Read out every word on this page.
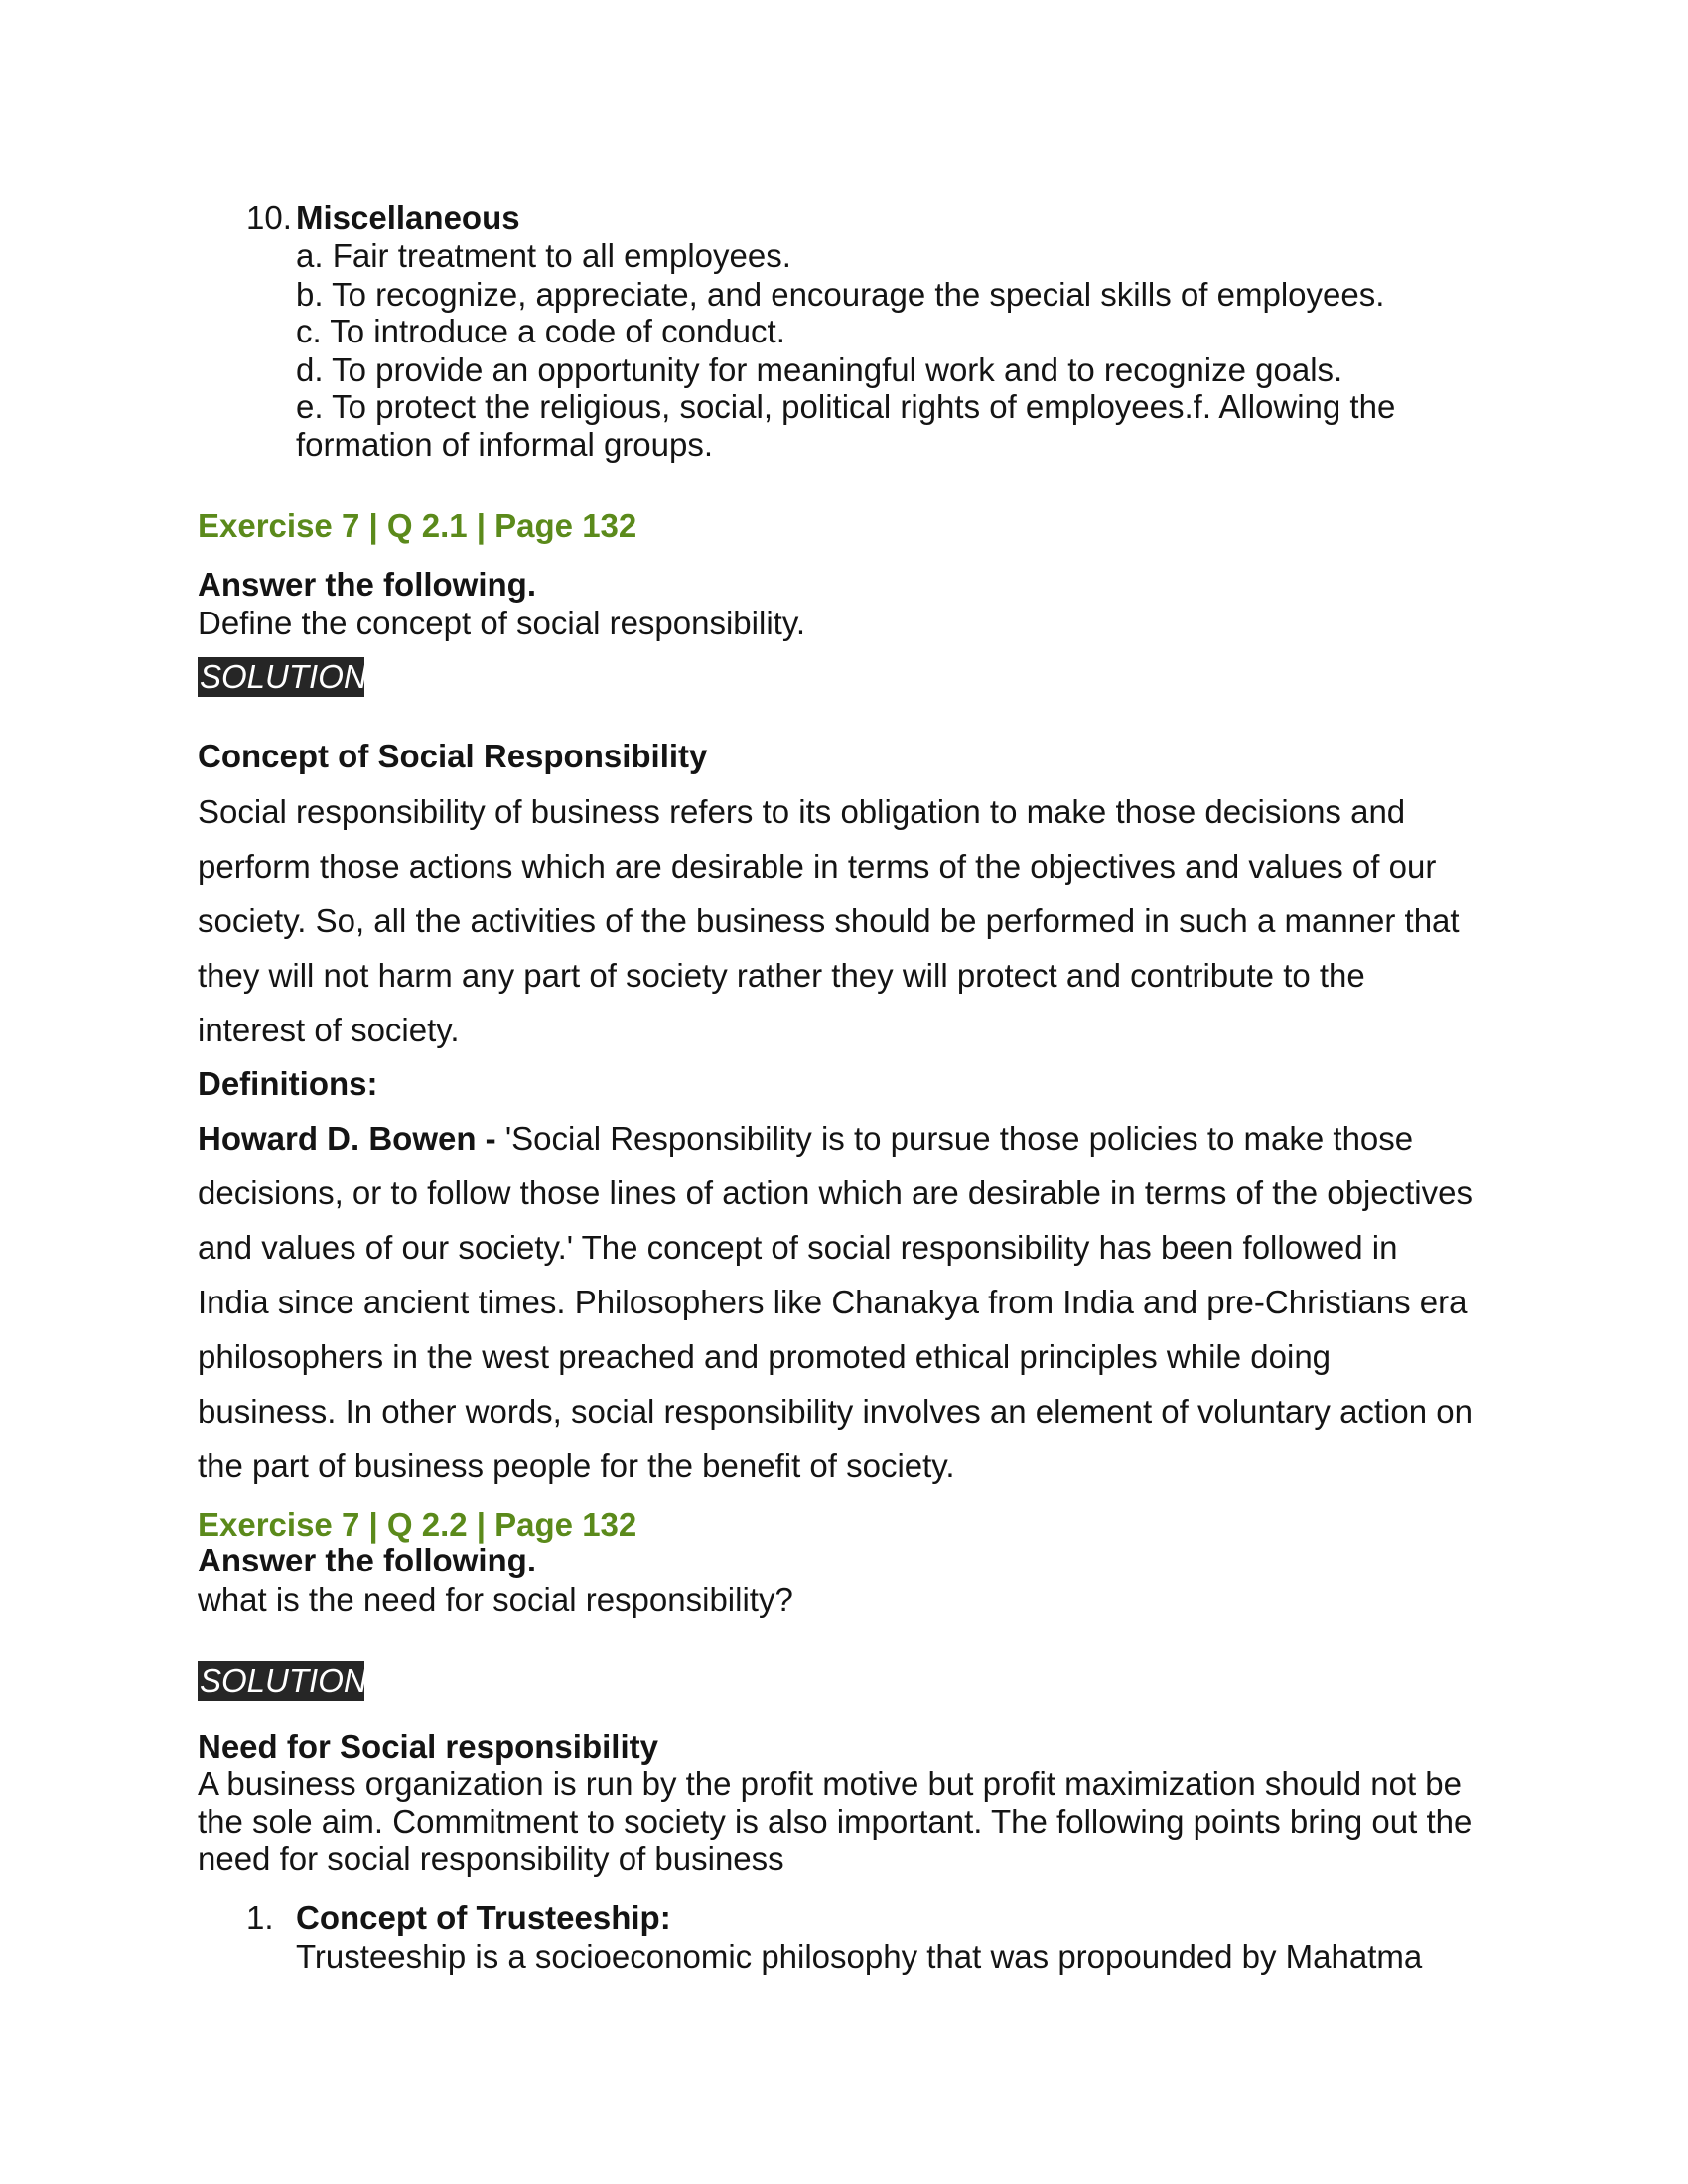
10. Miscellaneous
a. Fair treatment to all employees.
b. To recognize, appreciate, and encourage the special skills of employees.
c. To introduce a code of conduct.
d. To provide an opportunity for meaningful work and to recognize goals.
e. To protect the religious, social, political rights of employees.f. Allowing the
formation of informal groups.
Exercise 7 | Q 2.1 | Page 132
Answer the following.
Define the concept of social responsibility.
SOLUTION
Concept of Social Responsibility
Social responsibility of business refers to its obligation to make those decisions and
perform those actions which are desirable in terms of the objectives and values of our
society. So, all the activities of the business should be performed in such a manner that
they will not harm any part of society rather they will protect and contribute to the
interest of society.
Definitions:
Howard D. Bowen - 'Social Responsibility is to pursue those policies to make those
decisions, or to follow those lines of action which are desirable in terms of the objectives
and values of our society.' The concept of social responsibility has been followed in
India since ancient times. Philosophers like Chanakya from India and pre-Christians era
philosophers in the west preached and promoted ethical principles while doing
business. In other words, social responsibility involves an element of voluntary action on
the part of business people for the benefit of society.
Exercise 7 | Q 2.2 | Page 132
Answer the following.
what is the need for social responsibility?
SOLUTION
Need for Social responsibility
A business organization is run by the profit motive but profit maximization should not be
the sole aim. Commitment to society is also important. The following points bring out the
need for social responsibility of business
1. Concept of Trusteeship:
Trusteeship is a socioeconomic philosophy that was propounded by Mahatma
